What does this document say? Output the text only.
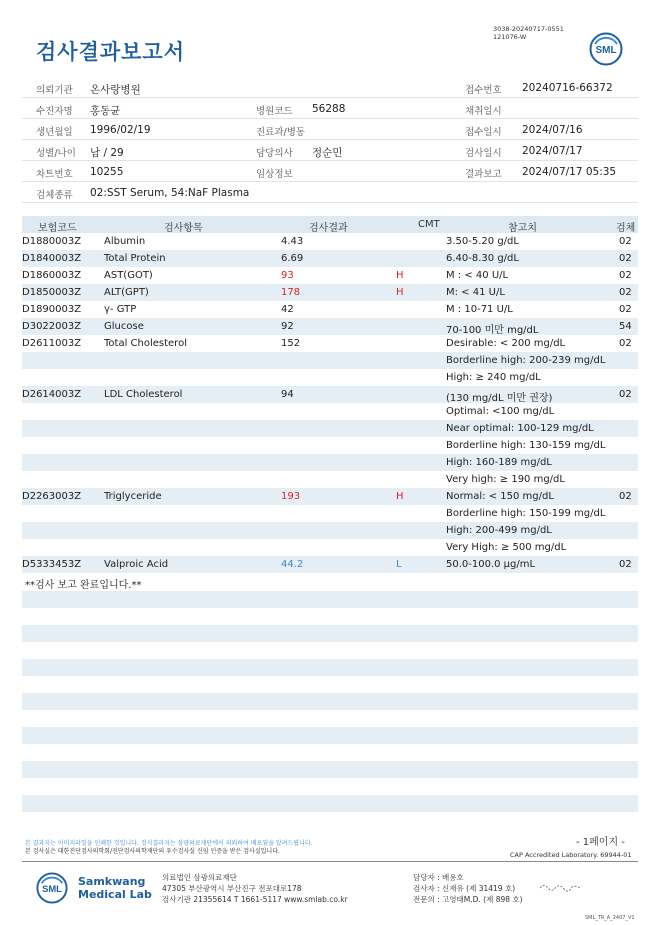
3038-20240717-0551
121076-W
검사결과보고서	SML
의뢰기관 온사랑병원	접수번호 20240716-66372
수진자명 홍동균	병원코드 56288	채취일시
생년월일 1996/02/19	진료과/병동	접수일시 2024/07/16
성별/나이 남 / 29	담당의사 정순민	검사일시 2024/07/17
차트번호 10255	임상정보	결과보고 2024/07/17 05:35
검체종류 02:SST Serum, 54:NaF Plasma
보험코드	검사항목	검사결과	CMT	참고치	검체
D1880003Z Albumin	4.43	3.50-5.20 g/dL	02
D1840003Z Total Protein	6.69	6.40-8.30 g/dL	02
D1860003Z AST(GOT)	93	H	M : < 40 U/L	02
D1850003Z ALT(GPT)	178	H	M: < 41 U/L	02
D1890003Z γ- GTP	42	M : 10-71 U/L	02
D3022003Z Glucose	92	70-100 미만 mg/dL	54
D2611003Z Total Cholesterol	152	Desirable: < 200 mg/dL	02
Borderline high: 200-239 mg/dL
High: ≥ 240 mg/dL
D2614003Z LDL Cholesterol	94	(130 mg/dL 미만 권장)	02
Optimal: <100 mg/dL
Near optimal: 100-129 mg/dL
Borderline high: 130-159 mg/dL
High: 160-189 mg/dL
Very high: ≥ 190 mg/dL
D2263003Z Triglyceride	193	H	Normal: < 150 mg/dL	02
Borderline high: 150-199 mg/dL
High: 200-499 mg/dL
Very High: ≥ 500 mg/dL
D5333453Z Valproic Acid	44.2	L	50.0-100.0 μg/mL	02
**검사 보고 완료입니다.**
- 1페이지 -
본 결과지는 이미지파일을 인쇄한 것입니다. 정식결과지는 삼광의료재단에서 의뢰하여 배포됨을 알려드립니다.
본 검사실은 대한진단검사의학회/진단검사의학재단의 우수검사실 신임 인증을 받은 검사실입니다.	CAP Accredited Laboratory. 69944-01
SML
Samkwang
Medical Lab
의료법인 삼광의료재단
47305 부산광역시 부산진구 전포대로178
검사기관 21355614 T 1661-5117 www.smlab.co.kr
담당자 : 배용호
검사자 : 신재유 (제 31419 호)
전문의 : 고영태M.D. (제 898 호)
SML_TR_A_2407_V1
